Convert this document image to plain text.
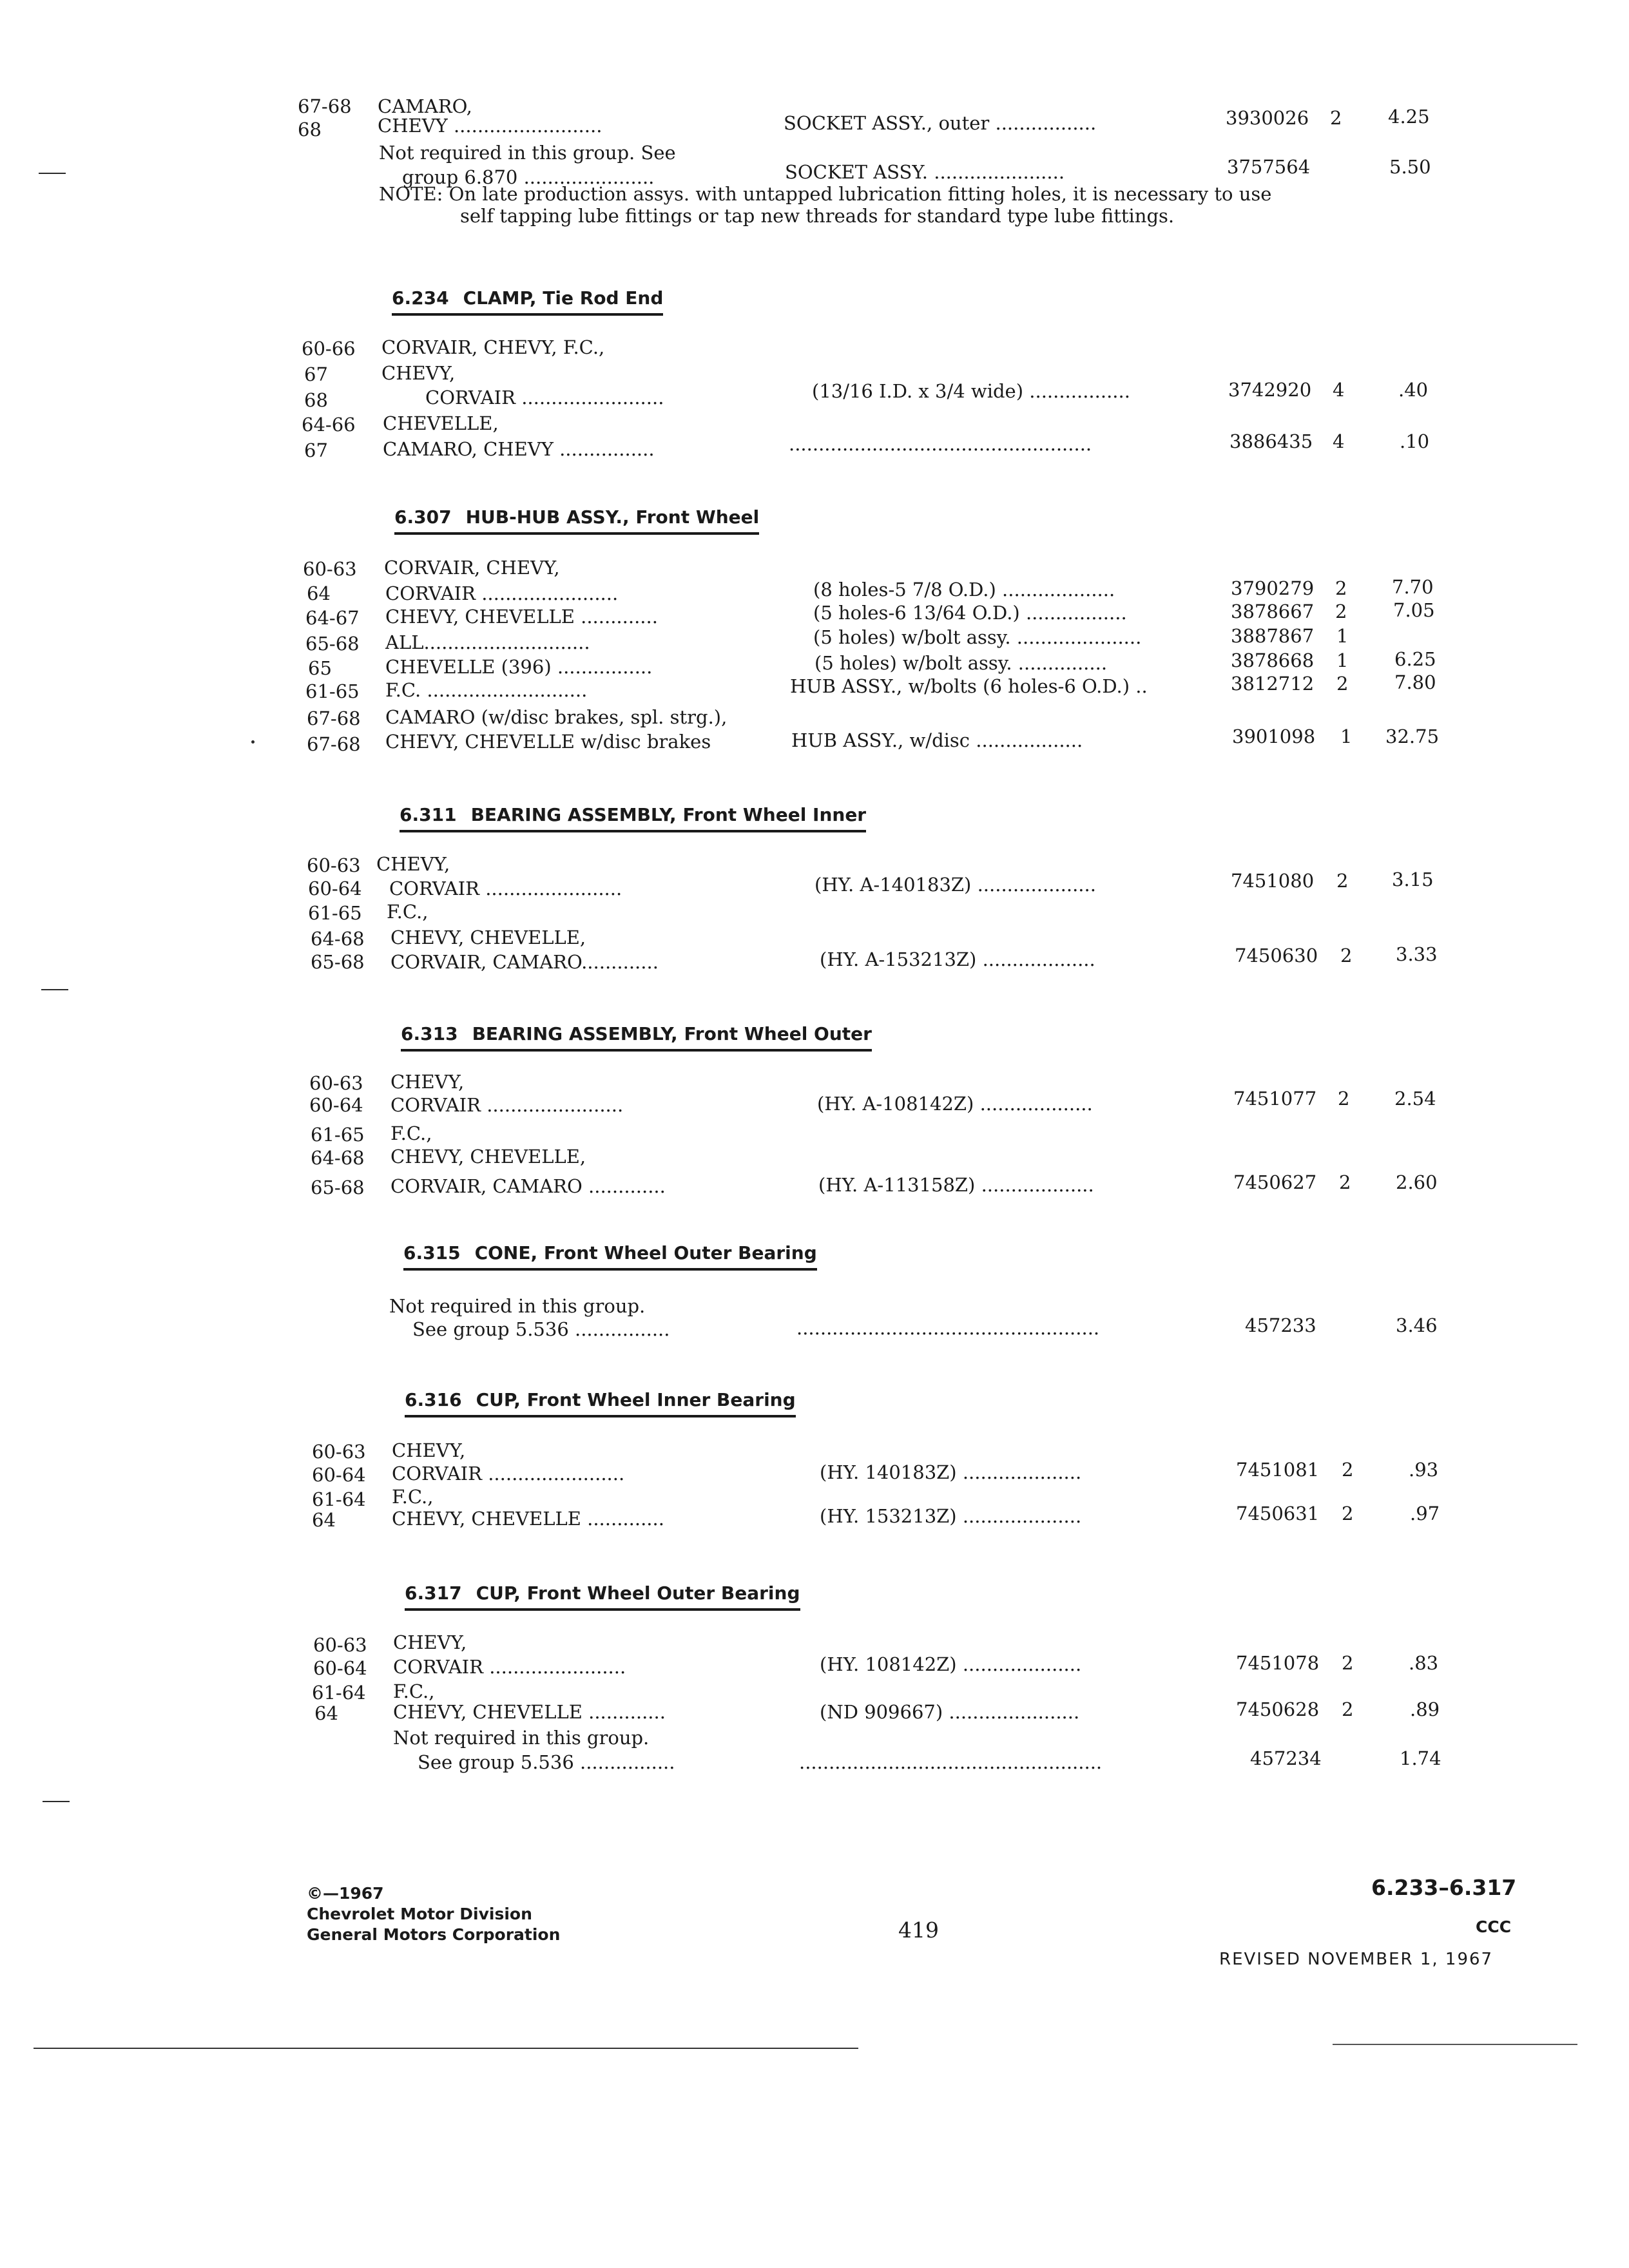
67-68 CAMARO,
68	CHEVY .........................	SOCKET ASSY., outer .................	3930026 2 4.25
Not required in this group. See
group 6.870 ......................	SOCKET ASSY. ......................	3757564	5.50
NOTE: On late production assys. with untapped lubrication fitting holes, it is necessary to use
self tapping lube fittings or tap new threads for standard type lube fittings.
6.234 CLAMP, Tie Rod End
60-66 CORVAIR, CHEVY, F.C.,
67	CHEVY,
68	CORVAIR ........................	(13/16 I.D. x 3/4 wide) .................	3742920 4	.40
64-66 CHEVELLE,
67	CAMARO, CHEVY ................	...................................................	3886435 4	.10
6.307 HUB-HUB ASSY., Front Wheel
60-63 CORVAIR, CHEVY,
64	CORVAIR .......................	(8 holes-5 7/8 O.D.) ...................	3790279 2 7.70
64-67 CHEVY, CHEVELLE .............	(5 holes-6 13/64 O.D.) .................	3878667 2 7.05
65-68 ALL............................	(5 holes) w/bolt assy. .....................	3887867 1
65	CHEVELLE (396) ................	(5 holes) w/bolt assy. ...............	3878668 1 6.25
61-65 F.C. ...........................	HUB ASSY., w/bolts (6 holes-6 O.D.) ..	3812712 2 7.80
67-68 CAMARO (w/disc brakes, spl. strg.),
67-68 CHEVY, CHEVELLE w/disc brakes	HUB ASSY., w/disc ..................	3901098 1 32.75
6.311 BEARING ASSEMBLY, Front Wheel Inner
60-63 CHEVY,
60-64 CORVAIR .......................	(HY. A-140183Z) ....................	7451080 2 3.15
61-65 F.C.,
64-68 CHEVY, CHEVELLE,
65-68 CORVAIR, CAMARO.............	(HY. A-153213Z) ...................	7450630 2 3.33
6.313 BEARING ASSEMBLY, Front Wheel Outer
60-63 CHEVY,
60-64 CORVAIR .......................	(HY. A-108142Z) ...................	7451077 2 2.54
61-65 F.C.,
64-68 CHEVY, CHEVELLE,
65-68 CORVAIR, CAMARO .............	(HY. A-113158Z) ...................	7450627 2 2.60
6.315 CONE, Front Wheel Outer Bearing
Not required in this group.
See group 5.536 ................	...................................................	457233	3.46
6.316 CUP, Front Wheel Inner Bearing
60-63 CHEVY,
60-64 CORVAIR .......................	(HY. 140183Z) ....................	7451081 2	.93
61-64 F.C.,
64	CHEVY, CHEVELLE .............	(HY. 153213Z) ....................	7450631 2	.97
6.317 CUP, Front Wheel Outer Bearing
60-63 CHEVY,
60-64 CORVAIR .......................	(HY. 108142Z) ....................	7451078 2	.83
61-64 F.C.,
64	CHEVY, CHEVELLE .............	(ND 909667) ......................	7450628 2	.89
Not required in this group.
See group 5.536 ................	...................................................	457234	1.74
©—1967
Chevrolet Motor Division
General Motors Corporation	419
6.233–6.317
CCC
REVISED NOVEMBER 1, 1967
